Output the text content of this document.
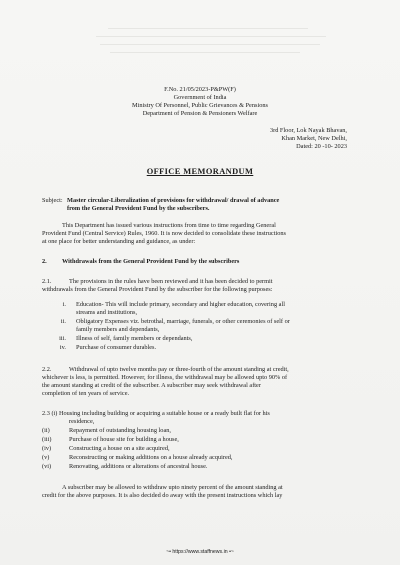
F.No. 21/05/2023-P&PW(F)
Government of India
Ministry Of Personnel, Public Grievances & Pensions
Department of Pension & Pensioners Welfare
3rd Floor, Lok Nayak Bhavan,
Khan Market, New Delhi,
Dated: 20 -10- 2023
OFFICE MEMORANDUM
Subject: Master circular-Liberalization of provisions for withdrawal/ drawal of advance
from the General Provident Fund by the subscribers.
This Department has issued various instructions from time to time regarding General
Provident Fund (Central Service) Rules, 1960. It is now decided to consolidate these instructions
at one place for better understanding and guidance, as under:
2. Withdrawals from the General Provident Fund by the subscribers
2.1.	The provisions in the rules have been reviewed and it has been decided to permit
withdrawals from the General Provident Fund by the subscriber for the following purposes:
i. Education- This will include primary, secondary and higher education, covering all
streams and institutions,
ii. Obligatory Expenses viz. betrothal, marriage, funerals, or other ceremonies of self or
family members and dependants,
iii. Illness of self, family members or dependants,
iv. Purchase of consumer durables.
2.2.	Withdrawal of upto twelve months pay or three-fourth of the amount standing at credit,
whichever is less, is permitted. However, for illness, the withdrawal may be allowed upto 90% of
the amount standing at credit of the subscriber. A subscriber may seek withdrawal after
completion of ten years of service.
2.3 (i) Housing including building or acquiring a suitable house or a ready built flat for his
residence,
(ii)	Repayment of outstanding housing loan,
(iii)	Purchase of house site for building a house,
(iv)	Constructing a house on a site acquired,
(v)	Reconstructing or making additions on a house already acquired,
(vi)	Renovating, additions or alterations of ancestral house.
A subscriber may be allowed to withdraw upto ninety percent of the amount standing at
credit for the above purposes. It is also decided do away with the present instructions which lay
~• https://www.staffnews.in •~
